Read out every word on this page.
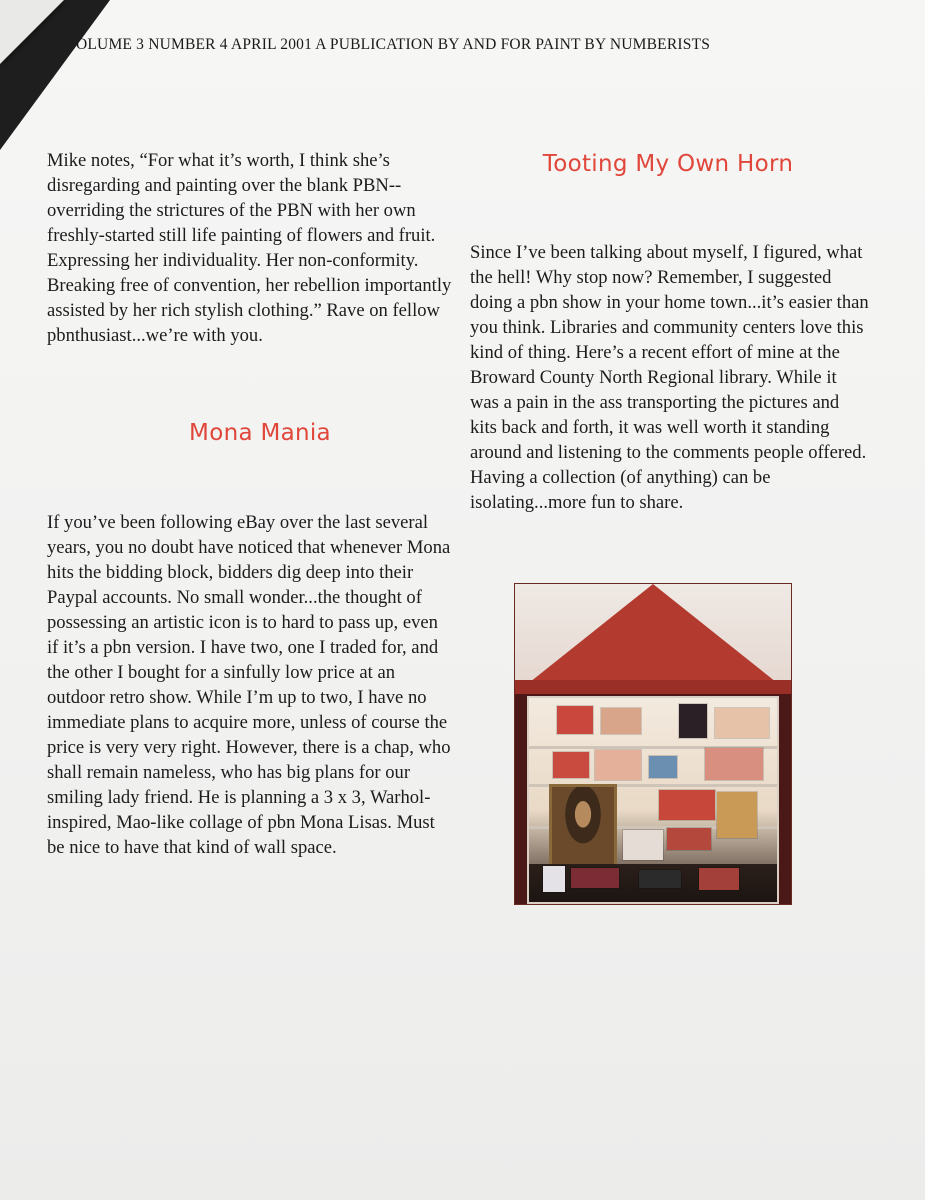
OLUME 3 NUMBER 4 APRIL 2001 A PUBLICATION BY AND FOR PAINT BY NUMBERISTS

Mike notes, “For what it’s worth, I think she’s disregarding and painting over the blank PBN--overriding the strictures of the PBN with her own freshly-started still life painting of flowers and fruit. Expressing her individuality. Her non-conformity. Breaking free of convention, her rebellion importantly assisted by her rich stylish clothing.” Rave on fellow pbnthusiast...we’re with you.

Mona Mania

If you’ve been following eBay over the last several years, you no doubt have noticed that whenever Mona hits the bidding block, bidders dig deep into their Paypal accounts. No small wonder...the thought of possessing an artistic icon is to hard to pass up, even if it’s a pbn version. I have two, one I traded for, and the other I bought for a sinfully low price at an outdoor retro show. While I’m up to two, I have no immediate plans to acquire more, unless of course the price is very very right. However, there is a chap, who shall remain nameless, who has big plans for our smiling lady friend. He is planning a 3 x 3, Warhol-inspired, Mao-like collage of pbn Mona Lisas. Must be nice to have that kind of wall space.

Tooting My Own Horn

Since I’ve been talking about myself, I figured, what the hell! Why stop now? Remember, I suggested doing a pbn show in your home town...it’s easier than you think. Libraries and community centers love this kind of thing. Here’s a recent effort of mine at the Broward County North Regional library. While it was a pain in the ass transporting the pictures and kits back and forth, it was well worth it standing around and listening to the comments people offered. Having a collection (of anything) can be isolating...more fun to share.
